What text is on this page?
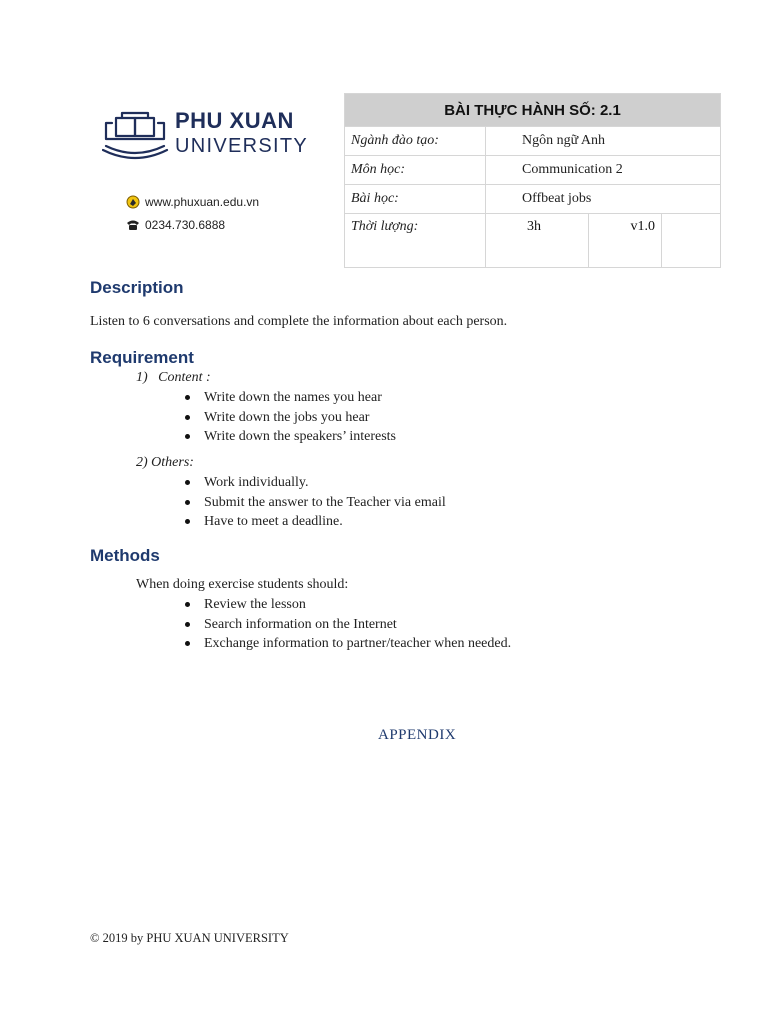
PHU XUAN
UNIVERSITY
www.phuxuan.edu.vn
0234.730.6888
BÀI THỰC HÀNH SỐ: 2.1			
Ngành đào tạo:	Ngôn ngữ Anh		
Môn học:	Communication 2		
Bài học:	Offbeat jobs		
Thời lượng:	3h	v1.0	
Description
Listen to 6 conversations and complete the information about each person.
Requirement
1)   Content :
Write down the names you hear
Write down the jobs you hear
Write down the speakers’ interests
2) Others:
Work individually.
Submit the answer to the Teacher via email
Have to meet a deadline.
Methods
When doing exercise students should:
Review the lesson
Search information on the Internet
Exchange information to partner/teacher when needed.
APPENDIX
© 2019 by PHU XUAN UNIVERSITY
